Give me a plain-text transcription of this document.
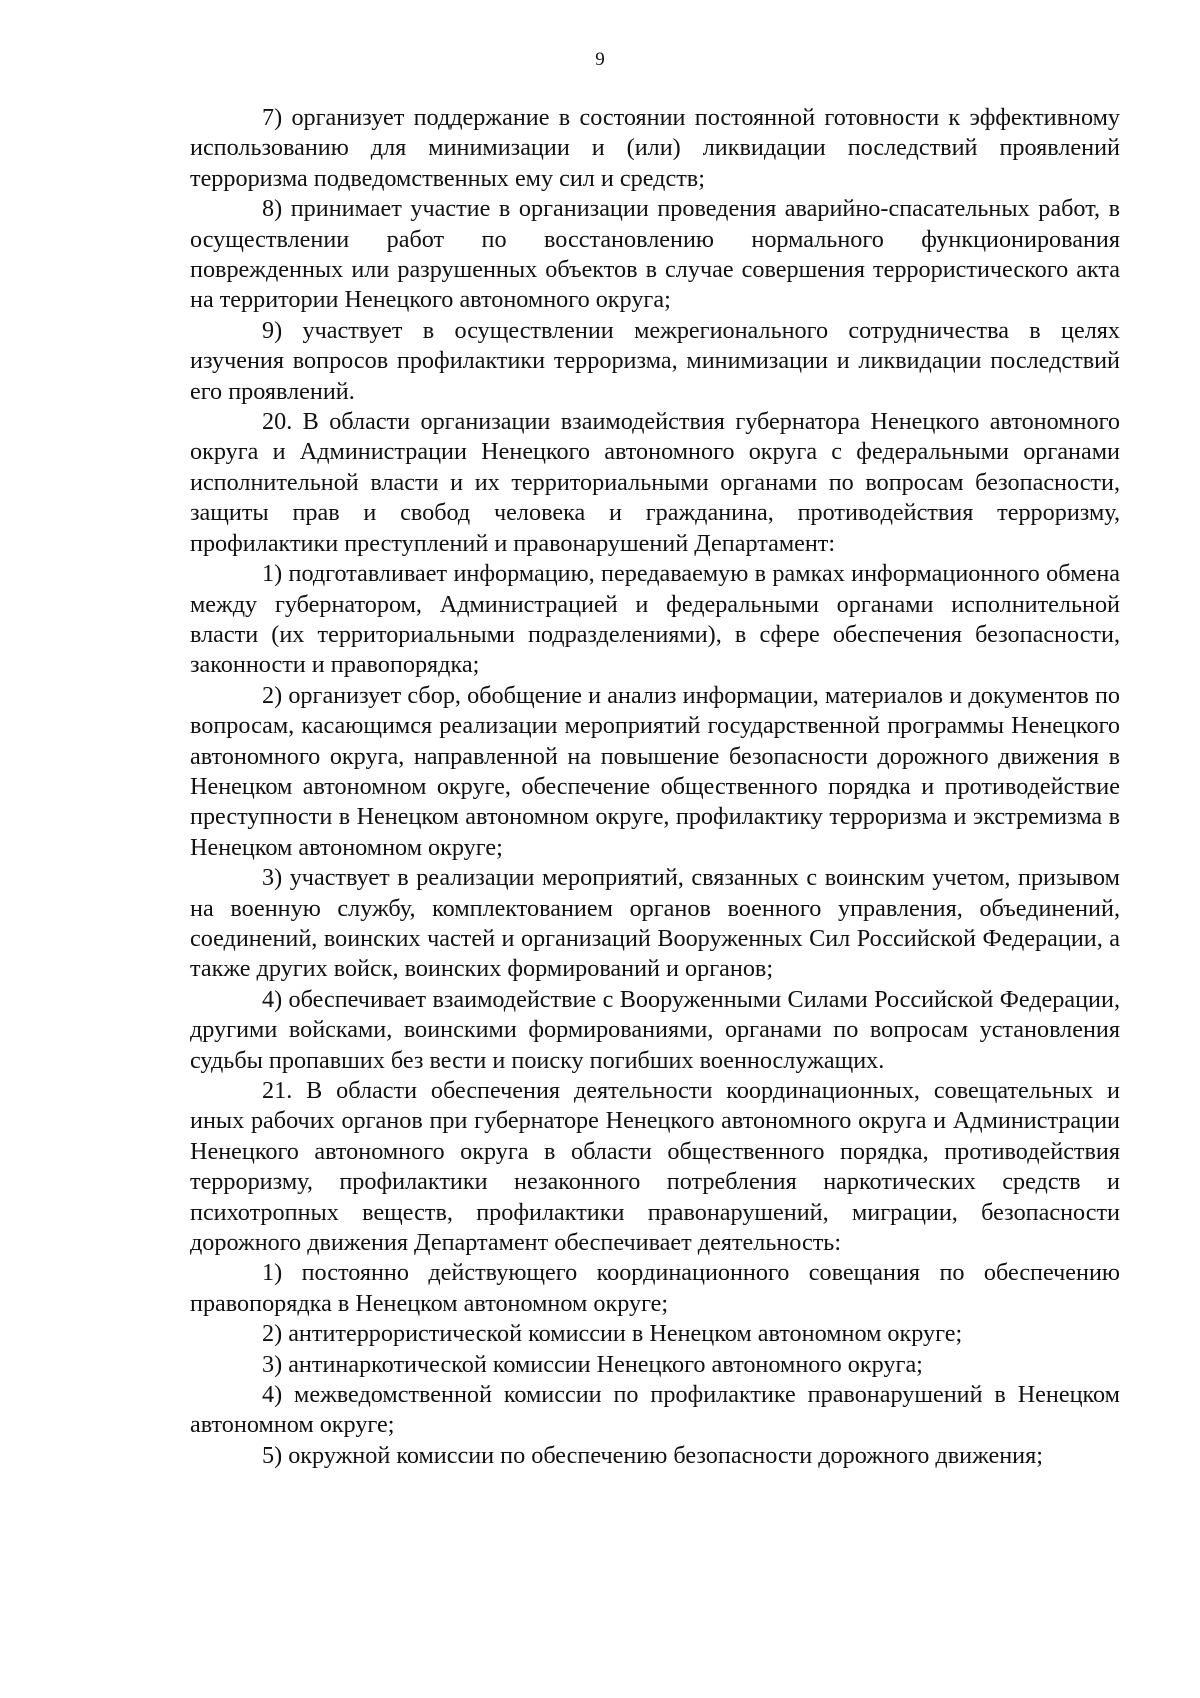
9

7) организует поддержание в состоянии постоянной готовности к эффективному использованию для минимизации и (или) ликвидации последствий проявлений терроризма подведомственных ему сил и средств;

8) принимает участие в организации проведения аварийно-спасательных работ, в осуществлении работ по восстановлению нормального функционирования поврежденных или разрушенных объектов в случае совершения террористического акта на территории Ненецкого автономного округа;

9) участвует в осуществлении межрегионального сотрудничества в целях изучения вопросов профилактики терроризма, минимизации и ликвидации последствий его проявлений.

20. В области организации взаимодействия губернатора Ненецкого автономного округа и Администрации Ненецкого автономного округа с федеральными органами исполнительной власти и их территориальными органами по вопросам безопасности, защиты прав и свобод человека и гражданина, противодействия терроризму, профилактики преступлений и правонарушений Департамент:

1) подготавливает информацию, передаваемую в рамках информационного обмена между губернатором, Администрацией и федеральными органами исполнительной власти (их территориальными подразделениями), в сфере обеспечения безопасности, законности и правопорядка;

2) организует сбор, обобщение и анализ информации, материалов и документов по вопросам, касающимся реализации мероприятий государственной программы Ненецкого автономного округа, направленной на повышение безопасности дорожного движения в Ненецком автономном округе, обеспечение общественного порядка и противодействие преступности в Ненецком автономном округе, профилактику терроризма и экстремизма в Ненецком автономном округе;

3) участвует в реализации мероприятий, связанных с воинским учетом, призывом на военную службу, комплектованием органов военного управления, объединений, соединений, воинских частей и организаций Вооруженных Сил Российской Федерации, а также других войск, воинских формирований и органов;

4) обеспечивает взаимодействие с Вооруженными Силами Российской Федерации, другими войсками, воинскими формированиями, органами по вопросам установления судьбы пропавших без вести и поиску погибших военнослужащих.

21. В области обеспечения деятельности координационных, совещательных и иных рабочих органов при губернаторе Ненецкого автономного округа и Администрации Ненецкого автономного округа в области общественного порядка, противодействия терроризму, профилактики незаконного потребления наркотических средств и психотропных веществ, профилактики правонарушений, миграции, безопасности дорожного движения Департамент обеспечивает деятельность:

1) постоянно действующего координационного совещания по обеспечению правопорядка в Ненецком автономном округе;

2) антитеррористической комиссии в Ненецком автономном округе;

3) антинаркотической комиссии Ненецкого автономного округа;

4) межведомственной комиссии по профилактике правонарушений в Ненецком автономном округе;

5) окружной комиссии по обеспечению безопасности дорожного движения;
